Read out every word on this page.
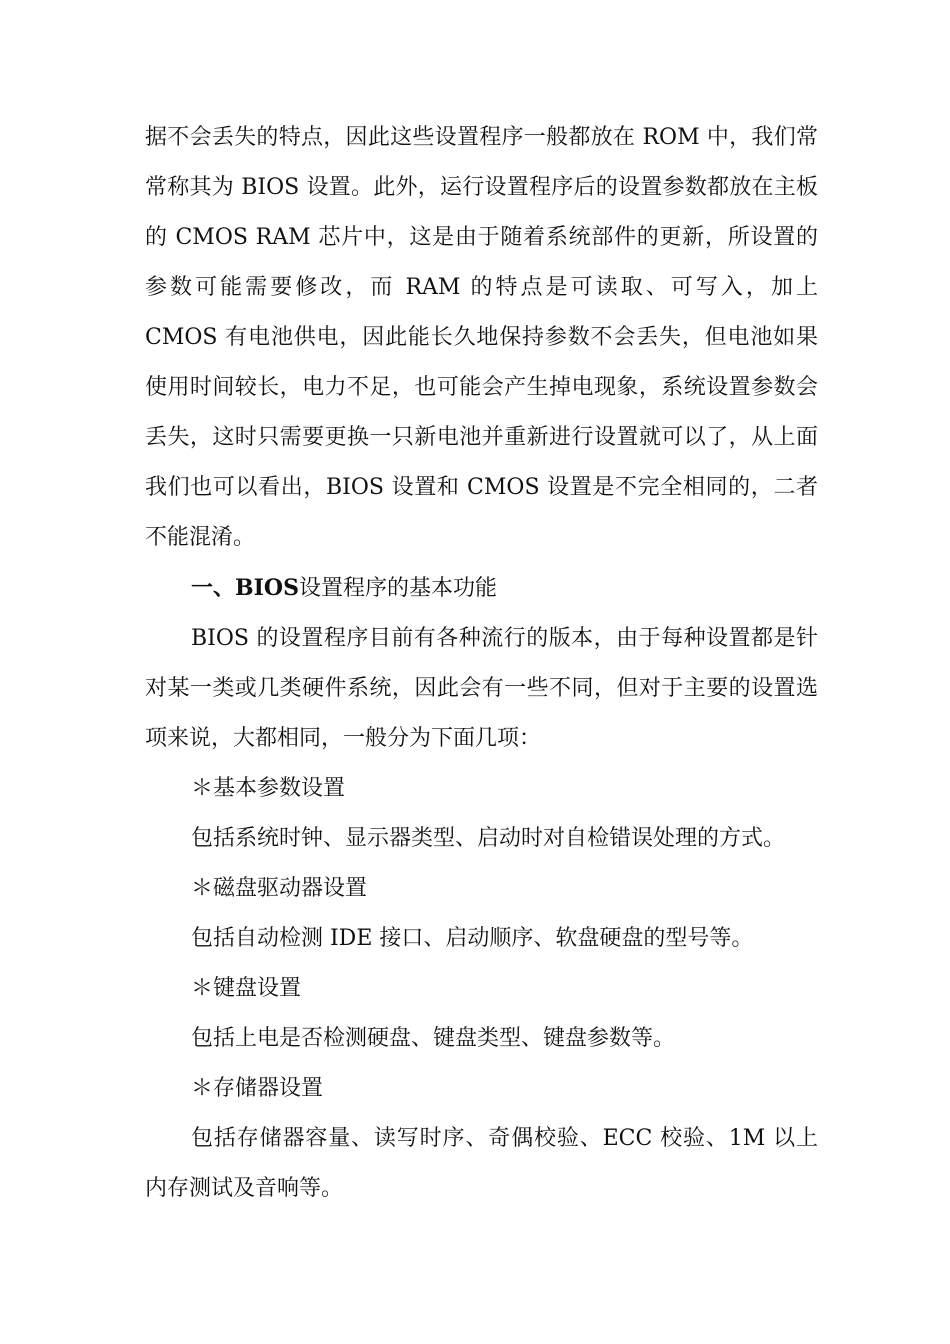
据不会丢失的特点，因此这些设置程序一般都放在 ROM 中，我们常常称其为 BIOS 设置。此外，运行设置程序后的设置参数都放在主板的 CMOS RAM 芯片中，这是由于随着系统部件的更新，所设置的参数可能需要修改，而 RAM 的特点是可读取、可写入，加上 CMOS 有电池供电，因此能长久地保持参数不会丢失，但电池如果使用时间较长，电力不足，也可能会产生掉电现象，系统设置参数会丢失，这时只需要更换一只新电池并重新进行设置就可以了，从上面我们也可以看出，BIOS 设置和 CMOS 设置是不完全相同的，二者不能混淆。

一、BIOS设置程序的基本功能

BIOS 的设置程序目前有各种流行的版本，由于每种设置都是针对某一类或几类硬件系统，因此会有一些不同，但对于主要的设置选项来说，大都相同，一般分为下面几项：

＊基本参数设置

包括系统时钟、显示器类型、启动时对自检错误处理的方式。

＊磁盘驱动器设置

包括自动检测 IDE 接口、启动顺序、软盘硬盘的型号等。

＊键盘设置

包括上电是否检测硬盘、键盘类型、键盘参数等。

＊存储器设置

包括存储器容量、读写时序、奇偶校验、ECC 校验、1M 以上内存测试及音响等。
